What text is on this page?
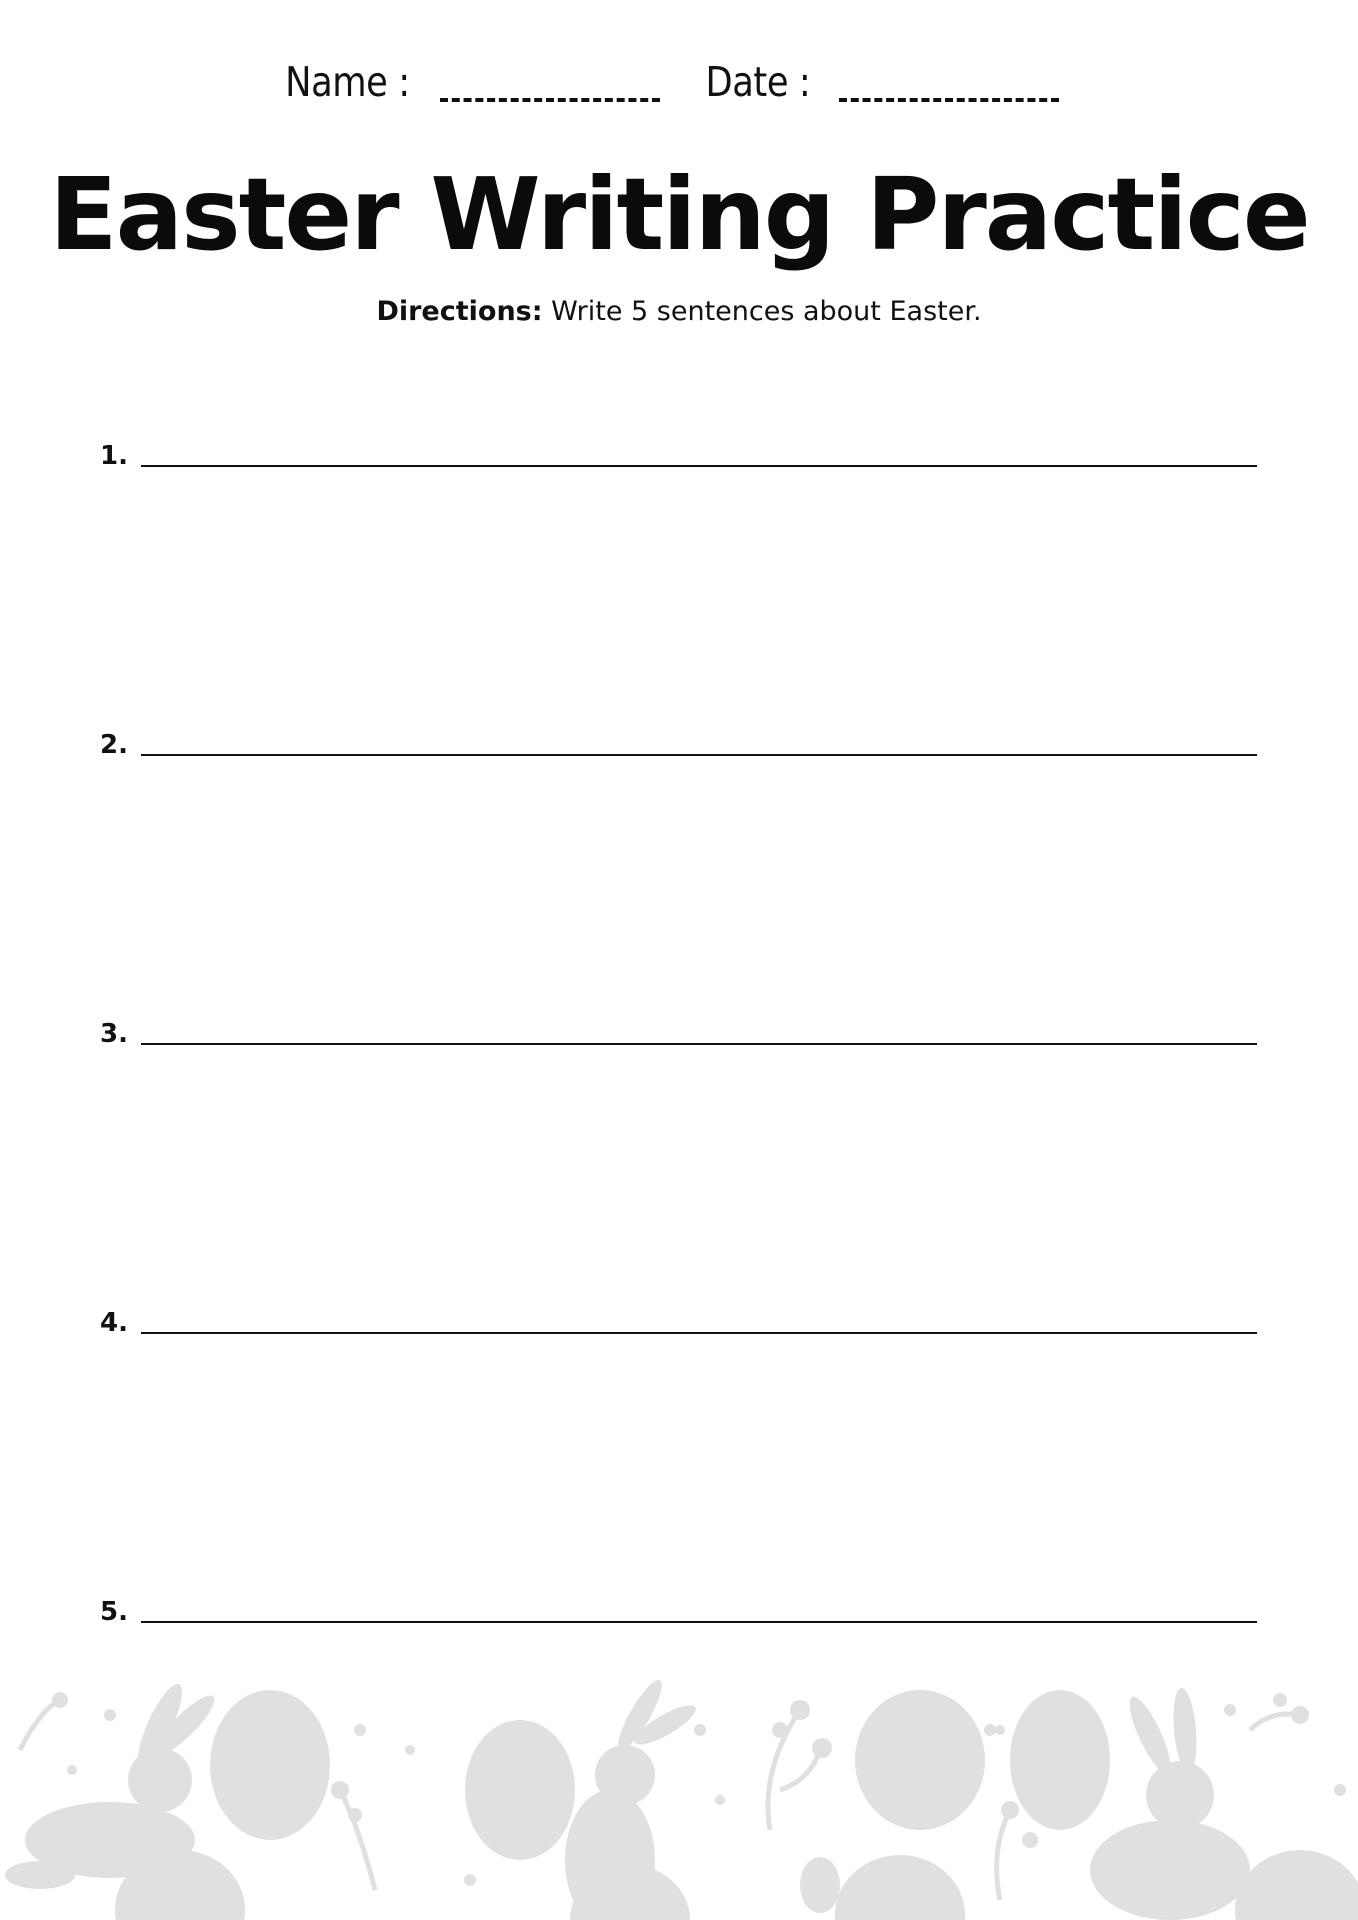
Name :	Date :
Easter Writing Practice
Directions: Write 5 sentences about Easter.
1.
2.
3.
4.
5.
